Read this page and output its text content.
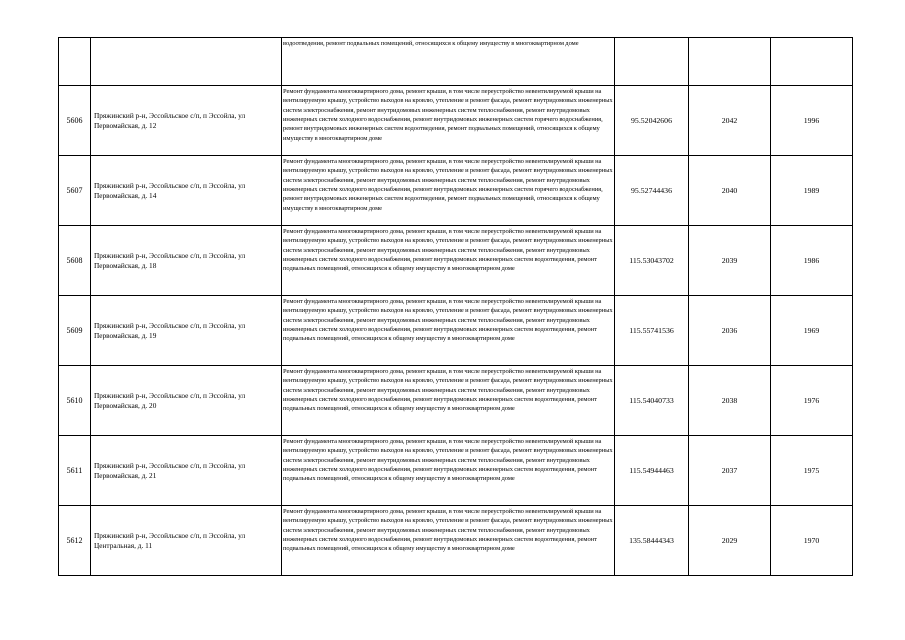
		водоотведения, ремонт подвальных помещений, относящихся к общему имуществу в многоквартирном доме			
5606	Пряжинский р-н, Эссойльское с/п, п Эссойла, ул Первомайская, д. 12	Ремонт фундамента многоквартирного дома, ремонт крыши, в том числе переустройство невентилируемой крыши на вентилируемую крышу, устройство выходов на кровлю, утепление и ремонт фасада, ремонт внутридомовых инженерных систем электроснабжения, ремонт внутридомовых инженерных систем теплоснабжения, ремонт внутридомовых инженерных систем холодного водоснабжения, ремонт внутридомовых инженерных систем горячего водоснабжения, ремонт внутридомовых инженерных систем водоотведения, ремонт подвальных помещений, относящихся к общему имуществу в многоквартирном доме	95.52042606	2042	1996
5607	Пряжинский р-н, Эссойльское с/п, п Эссойла, ул Первомайская, д. 14	Ремонт фундамента многоквартирного дома, ремонт крыши, в том числе переустройство невентилируемой крыши на вентилируемую крышу, устройство выходов на кровлю, утепление и ремонт фасада, ремонт внутридомовых инженерных систем электроснабжения, ремонт внутридомовых инженерных систем теплоснабжения, ремонт внутридомовых инженерных систем холодного водоснабжения, ремонт внутридомовых инженерных систем горячего водоснабжения, ремонт внутридомовых инженерных систем водоотведения, ремонт подвальных помещений, относящихся к общему имуществу в многоквартирном доме	95.52744436	2040	1989
5608	Пряжинский р-н, Эссойльское с/п, п Эссойла, ул Первомайская, д. 18	Ремонт фундамента многоквартирного дома, ремонт крыши, в том числе переустройство невентилируемой крыши на вентилируемую крышу, устройство выходов на кровлю, утепление и ремонт фасада, ремонт внутридомовых инженерных систем электроснабжения, ремонт внутридомовых инженерных систем теплоснабжения, ремонт внутридомовых инженерных систем холодного водоснабжения, ремонт внутридомовых инженерных систем водоотведения, ремонт подвальных помещений, относящихся к общему имуществу в многоквартирном доме	115.53043702	2039	1986
5609	Пряжинский р-н, Эссойльское с/п, п Эссойла, ул Первомайская, д. 19	Ремонт фундамента многоквартирного дома, ремонт крыши, в том числе переустройство невентилируемой крыши на вентилируемую крышу, устройство выходов на кровлю, утепление и ремонт фасада, ремонт внутридомовых инженерных систем электроснабжения, ремонт внутридомовых инженерных систем теплоснабжения, ремонт внутридомовых инженерных систем холодного водоснабжения, ремонт внутридомовых инженерных систем водоотведения, ремонт подвальных помещений, относящихся к общему имуществу в многоквартирном доме	115.55741536	2036	1969
5610	Пряжинский р-н, Эссойльское с/п, п Эссойла, ул Первомайская, д. 20	Ремонт фундамента многоквартирного дома, ремонт крыши, в том числе переустройство невентилируемой крыши на вентилируемую крышу, устройство выходов на кровлю, утепление и ремонт фасада, ремонт внутридомовых инженерных систем электроснабжения, ремонт внутридомовых инженерных систем теплоснабжения, ремонт внутридомовых инженерных систем холодного водоснабжения, ремонт внутридомовых инженерных систем водоотведения, ремонт подвальных помещений, относящихся к общему имуществу в многоквартирном доме	115.54040733	2038	1976
5611	Пряжинский р-н, Эссойльское с/п, п Эссойла, ул Первомайская, д. 21	Ремонт фундамента многоквартирного дома, ремонт крыши, в том числе переустройство невентилируемой крыши на вентилируемую крышу, устройство выходов на кровлю, утепление и ремонт фасада, ремонт внутридомовых инженерных систем электроснабжения, ремонт внутридомовых инженерных систем теплоснабжения, ремонт внутридомовых инженерных систем холодного водоснабжения, ремонт внутридомовых инженерных систем водоотведения, ремонт подвальных помещений, относящихся к общему имуществу в многоквартирном доме	115.54944463	2037	1975
5612	Пряжинский р-н, Эссойльское с/п, п Эссойла, ул Центральная, д. 11	Ремонт фундамента многоквартирного дома, ремонт крыши, в том числе переустройство невентилируемой крыши на вентилируемую крышу, устройство выходов на кровлю, утепление и ремонт фасада, ремонт внутридомовых инженерных систем электроснабжения, ремонт внутридомовых инженерных систем теплоснабжения, ремонт внутридомовых инженерных систем холодного водоснабжения, ремонт внутридомовых инженерных систем водоотведения, ремонт подвальных помещений, относящихся к общему имуществу в многоквартирном доме	135.58444343	2029	1970
